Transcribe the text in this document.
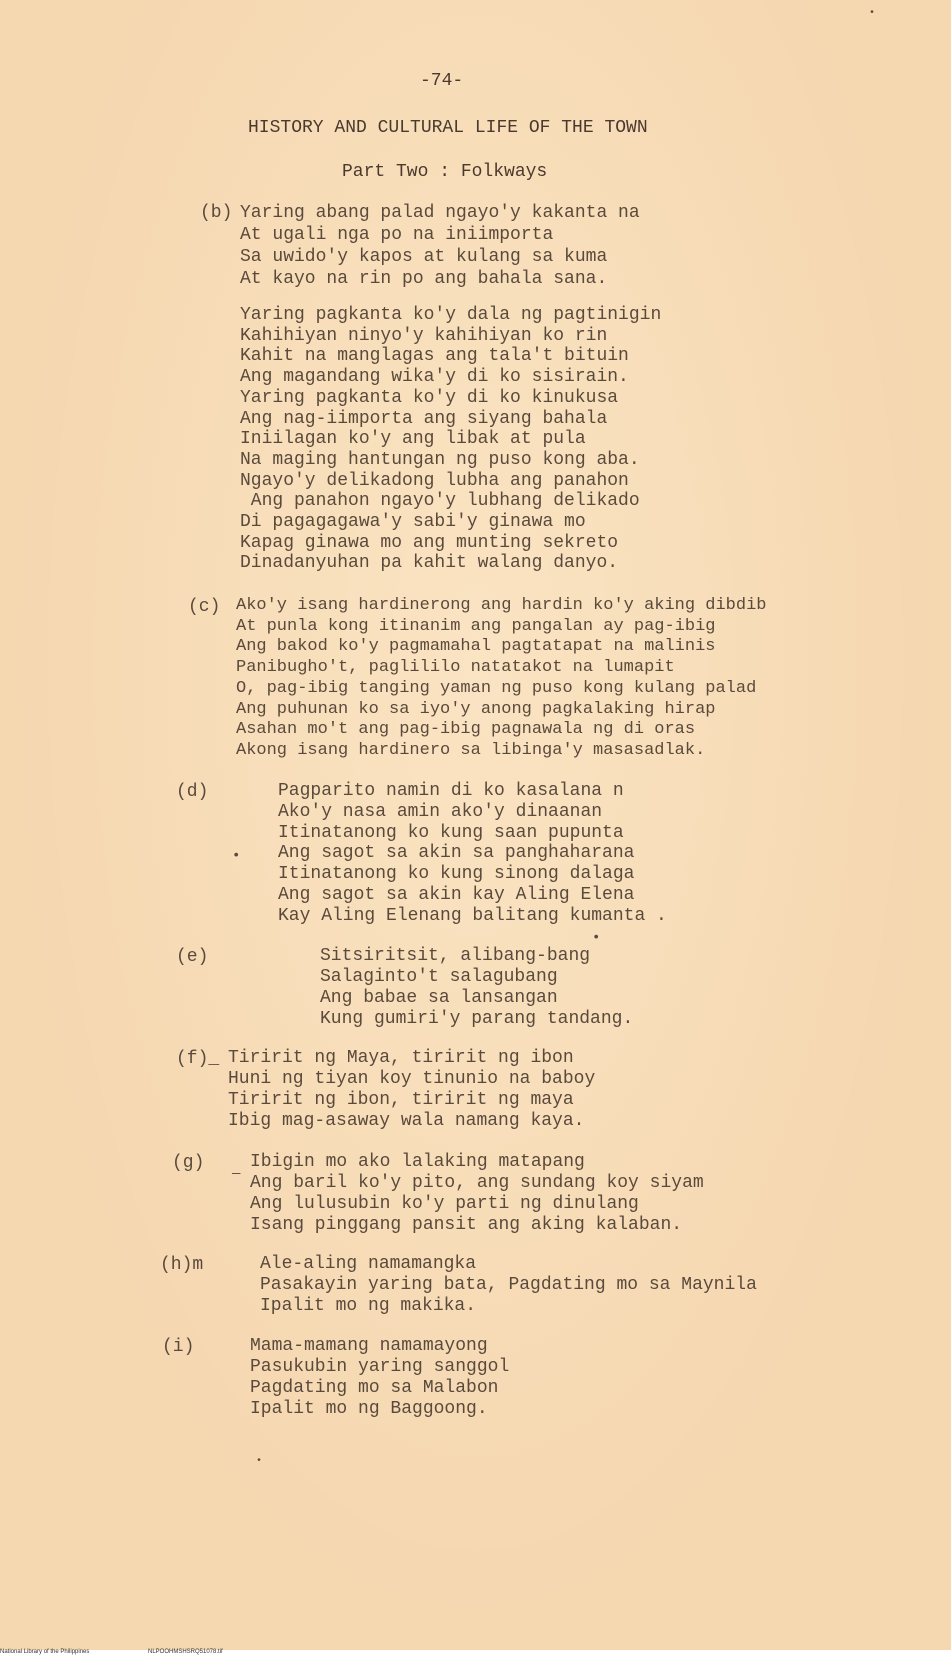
-74-
HISTORY AND CULTURAL LIFE OF THE TOWN
Part Two : Folkways
(b) Yaring abang palad ngayo'y kakanta na
At ugali nga po na iniimporta
Sa uwido'y kapos at kulang sa kuma
At kayo na rin po ang bahala sana.
Yaring pagkanta ko'y dala ng pagtinigin
Kahihiyan ninyo'y kahihiyan ko rin
Kahit na manglagas ang tala't bituin
Ang magandang wika'y di ko sisirain.
Yaring pagkanta ko'y di ko kinukusa
Ang nag-iimporta ang siyang bahala
Iniilagan ko'y ang libak at pula
Na maging hantungan ng puso kong aba.
Ngayo'y delikadong lubha ang panahon
Ang panahon ngayo'y lubhang delikado
Di pagagagawa'y sabi'y ginawa mo
Kapag ginawa mo ang munting sekreto
Dinadanyuhan pa kahit walang danyo.
(c) Ako'y isang hardinerong ang hardin ko'y aking dibdib
At punla kong itinanim ang pangalan ay pag-ibig
Ang bakod ko'y pagmamahal pagtatapat na malinis
Panibugho't, paglililo natatakot na lumapit
O, pag-ibig tanging yaman ng puso kong kulang palad
Ang puhunan ko sa iyo'y anong pagkalaking hirap
Asahan mo't ang pag-ibig pagnawala ng di oras
Akong isang hardinero sa libinga'y masasadlak.
(d)	Pagparito namin di ko kasalana n
Ako'y nasa amin ako'y dinaanan
Itinatanong ko kung saan pupunta
Ang sagot sa akin sa panghaharana
Itinatanong ko kung sinong dalaga
Ang sagot sa akin kay Aling Elena
Kay Aling Elenang balitang kumanta .
•
•
(e)	Sitsiritsit, alibang-bang
Salaginto't salagubang
Ang babae sa lansangan
Kung gumiri'y parang tandang.
(f)_ Tiririt ng Maya, tiririt ng ibon
Huni ng tiyan koy tinunio na baboy
Tiririt ng ibon, tiririt ng maya
Ibig mag-asaway wala namang kaya.
(g)
—
Ibigin mo ako lalaking matapang
Ang baril ko'y pito, ang sundang koy siyam
Ang lulusubin ko'y parti ng dinulang
Isang pinggang pansit ang aking kalaban.
(h)m	Ale-aling namamangka
Pasakayin yaring bata, Pagdating mo sa Maynila
Ipalit mo ng makika.
(i)	Mama-mamang namamayong
Pasukubin yaring sanggol
Pagdating mo sa Malabon
Ipalit mo ng Baggoong.
•
•
National Library of the Philippines	NLPOOHMSHSRQ51078.tif
